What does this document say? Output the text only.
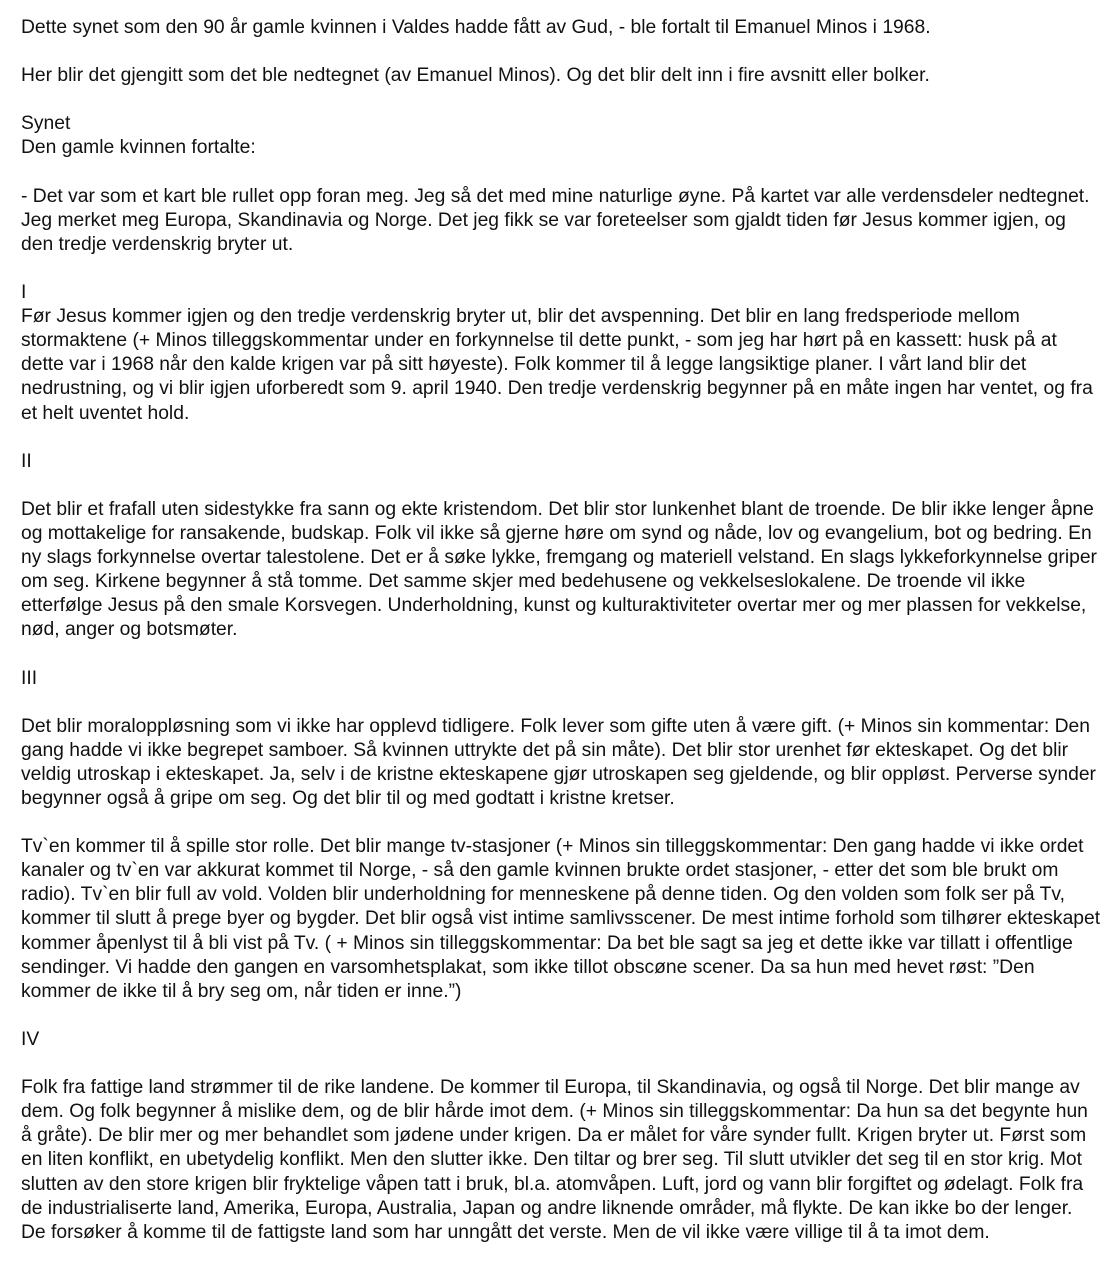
Dette synet som den 90 år gamle kvinnen i Valdes hadde fått av Gud, - ble fortalt til Emanuel Minos i 1968.

Her blir det gjengitt som det ble nedtegnet (av Emanuel Minos). Og det blir delt inn i fire avsnitt eller bolker.

Synet

Den gamle kvinnen fortalte:

- Det var som et kart ble rullet opp foran meg. Jeg så det med mine naturlige øyne. På kartet var alle verdensdeler nedtegnet. Jeg merket meg Europa, Skandinavia og Norge. Det jeg fikk se var foreteelser som gjaldt tiden før Jesus kommer igjen, og den tredje verdenskrig bryter ut.

I

Før Jesus kommer igjen og den tredje verdenskrig bryter ut, blir det avspenning. Det blir en lang fredsperiode mellom stormaktene (+ Minos tilleggskommentar under en forkynnelse til dette punkt, - som jeg har hørt på en kassett: husk på at dette var i 1968 når den kalde krigen var på sitt høyeste). Folk kommer til å legge langsiktige planer. I vårt land blir det nedrustning, og vi blir igjen uforberedt som 9. april 1940. Den tredje verdenskrig begynner på en måte ingen har ventet, og fra et helt uventet hold.

II

Det blir et frafall uten sidestykke fra sann og ekte kristendom. Det blir stor lunkenhet blant de troende. De blir ikke lenger åpne og mottakelige for ransakende, budskap. Folk vil ikke så gjerne høre om synd og nåde, lov og evangelium, bot og bedring. En ny slags forkynnelse overtar talestolene. Det er å søke lykke, fremgang og materiell velstand. En slags lykkeforkynnelse griper om seg. Kirkene begynner å stå tomme. Det samme skjer med bedehusene og vekkelseslokalene. De troende vil ikke etterfølge Jesus på den smale Korsvegen. Underholdning, kunst og kulturaktiviteter overtar mer og mer plassen for vekkelse, nød, anger og botsmøter.

III

Det blir moraloppløsning som vi ikke har opplevd tidligere. Folk lever som gifte uten å være gift. (+ Minos sin kommentar: Den gang hadde vi ikke begrepet samboer. Så kvinnen uttrykte det på sin måte). Det blir stor urenhet før ekteskapet. Og det blir veldig utroskap i ekteskapet. Ja, selv i de kristne ekteskapene gjør utroskapen seg gjeldende, og blir oppløst. Perverse synder begynner også å gripe om seg. Og det blir til og med godtatt i kristne kretser.

Tv`en kommer til å spille stor rolle. Det blir mange tv-stasjoner (+ Minos sin tilleggskommentar: Den gang hadde vi ikke ordet kanaler og tv`en var akkurat kommet til Norge, - så den gamle kvinnen brukte ordet stasjoner, - etter det som ble brukt om radio). Tv`en blir full av vold. Volden blir underholdning for menneskene på denne tiden. Og den volden som folk ser på Tv, kommer til slutt å prege byer og bygder. Det blir også vist intime samlivsscener. De mest intime forhold som tilhører ekteskapet kommer åpenlyst til å bli vist på Tv. ( + Minos sin tilleggskommentar: Da bet ble sagt sa jeg et dette ikke var tillatt i offentlige sendinger. Vi hadde den gangen en varsomhetsplakat, som ikke tillot obscøne scener. Da sa hun med hevet røst: ”Den kommer de ikke til å bry seg om, når tiden er inne.”)

IV

Folk fra fattige land strømmer til de rike landene. De kommer til Europa, til Skandinavia, og også til Norge. Det blir mange av dem. Og folk begynner å mislike dem, og de blir hårde imot dem. (+ Minos sin tilleggskommentar: Da hun sa det begynte hun å gråte). De blir mer og mer behandlet som jødene under krigen. Da er målet for våre synder fullt. Krigen bryter ut. Først som en liten konflikt, en ubetydelig konflikt. Men den slutter ikke. Den tiltar og brer seg. Til slutt utvikler det seg til en stor krig. Mot slutten av den store krigen blir fryktelige våpen tatt i bruk, bl.a. atomvåpen. Luft, jord og vann blir forgiftet og ødelagt. Folk fra de industrialiserte land, Amerika, Europa, Australia, Japan og andre liknende områder, må flykte. De kan ikke bo der lenger. De forsøker å komme til de fattigste land som har unngått det verste. Men de vil ikke være villige til å ta imot dem.
